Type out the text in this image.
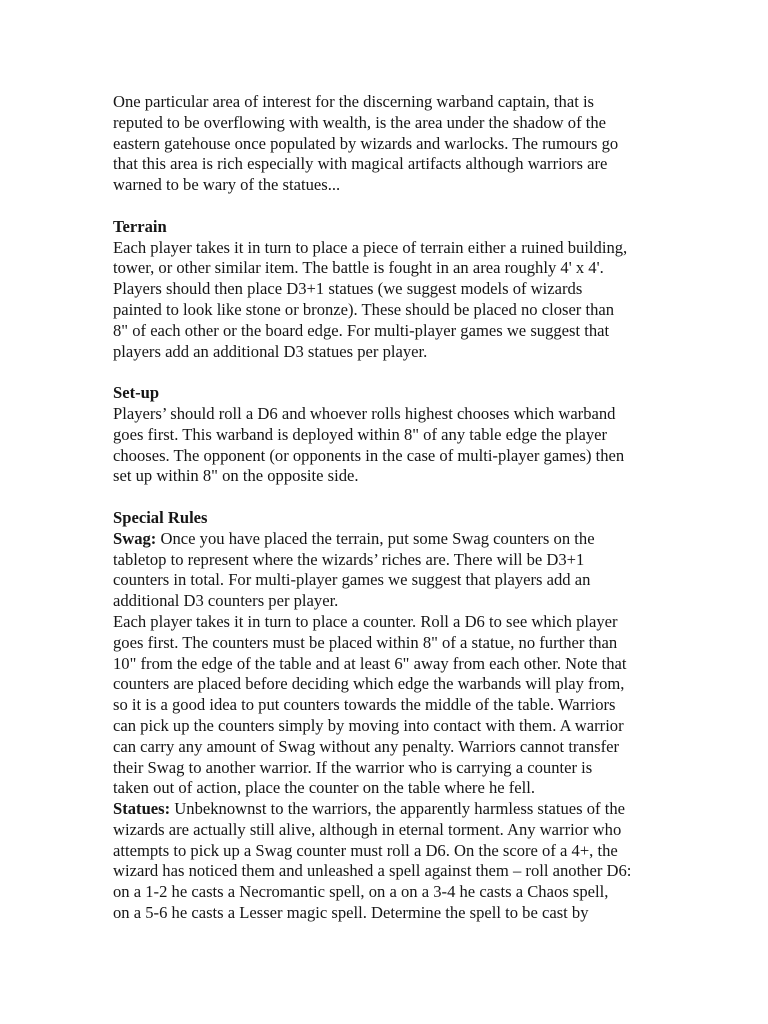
One particular area of interest for the discerning warband captain, that is
reputed to be overflowing with wealth, is the area under the shadow of the
eastern gatehouse once populated by wizards and warlocks. The rumours go
that this area is rich especially with magical artifacts although warriors are
warned to be wary of the statues...
Terrain
Each player takes it in turn to place a piece of terrain either a ruined building,
tower, or other similar item. The battle is fought in an area roughly 4' x 4'.
Players should then place D3+1 statues (we suggest models of wizards
painted to look like stone or bronze). These should be placed no closer than
8" of each other or the board edge. For multi-player games we suggest that
players add an additional D3 statues per player.
Set-up
Players’ should roll a D6 and whoever rolls highest chooses which warband
goes first. This warband is deployed within 8" of any table edge the player
chooses. The opponent (or opponents in the case of multi-player games) then
set up within 8" on the opposite side.
Special Rules
Swag: Once you have placed the terrain, put some Swag counters on the
tabletop to represent where the wizards’ riches are. There will be D3+1
counters in total. For multi-player games we suggest that players add an
additional D3 counters per player.
Each player takes it in turn to place a counter. Roll a D6 to see which player
goes first. The counters must be placed within 8" of a statue, no further than
10" from the edge of the table and at least 6" away from each other. Note that
counters are placed before deciding which edge the warbands will play from,
so it is a good idea to put counters towards the middle of the table. Warriors
can pick up the counters simply by moving into contact with them. A warrior
can carry any amount of Swag without any penalty. Warriors cannot transfer
their Swag to another warrior. If the warrior who is carrying a counter is
taken out of action, place the counter on the table where he fell.
Statues: Unbeknownst to the warriors, the apparently harmless statues of the
wizards are actually still alive, although in eternal torment. Any warrior who
attempts to pick up a Swag counter must roll a D6. On the score of a 4+, the
wizard has noticed them and unleashed a spell against them – roll another D6:
on a 1-2 he casts a Necromantic spell, on a on a 3-4 he casts a Chaos spell,
on a 5-6 he casts a Lesser magic spell. Determine the spell to be cast by
